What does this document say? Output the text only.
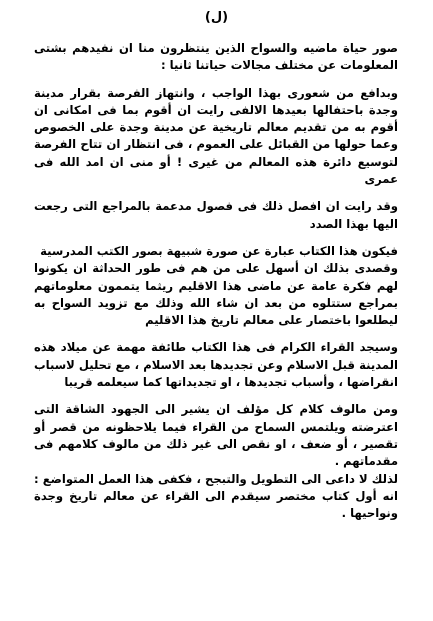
(ل)

صور حياة ماضيه والسواح الذين ينتظرون منا ان نفيدهم بشتى المعلومات عن مختلف مجالات حياتنا ثانيا :

وبدافع من شعورى بهذا الواجب ، وانتهاز الفرصة بقرار مدينة وجدة باحتفالها بعيدها الالفى رايت ان أقوم بما فى امكانى ان أقوم به من تقديم معالم تاريخية عن مدينة وجدة على الخصوص وعما حولها من القبائل على العموم ، فى انتظار ان تتاح الفرصة لتوسيع دائرة هذه المعالم من غيرى ! أو منى ان امد الله فى عمرى

وقد رايت ان افصل ذلك فى فصول مدعمة بالمراجع التى رجعت اليها بهذا الصدد

فيكون هذا الكتاب عبارة عن صورة شبيهة بصور الكتب المدرسية

وقصدى بذلك ان أسهل على من هم فى طور الحداثة ان يكونوا لهم فكرة عامة عن ماضى هذا الاقليم ريثما يتممون معلوماتهم بمراجع ستتلوه من بعد ان شاء الله وذلك مع تزويد السواح به ليطلعوا باختصار على معالم تاريخ هذا الاقليم

وسيجد القراء الكرام فى هذا الكتاب طائفة مهمة عن ميلاد هذه المدينة قبل الاسلام وعن تجديدها بعد الاسلام ، مع تحليل لاسباب انقراضها ، وأسباب تجديدها ، او تجديداتها كما سيعلمه قريبا

ومن مالوف كلام كل مؤلف ان يشير الى الجهود الشاقة التى اعترضته ويلتمس السماح من القراء فيما يلاحظونه من قصر أو تقصير ، أو ضعف ، او نقص الى غير ذلك من مالوف كلامهم فى مقدماتهم .

لذلك لا داعى الى التطويل والتبجح ، فكفى هذا العمل المتواضع : انه أول كتاب مختصر سيقدم الى القراء عن معالم تاريخ وجدة ونواحيها .
